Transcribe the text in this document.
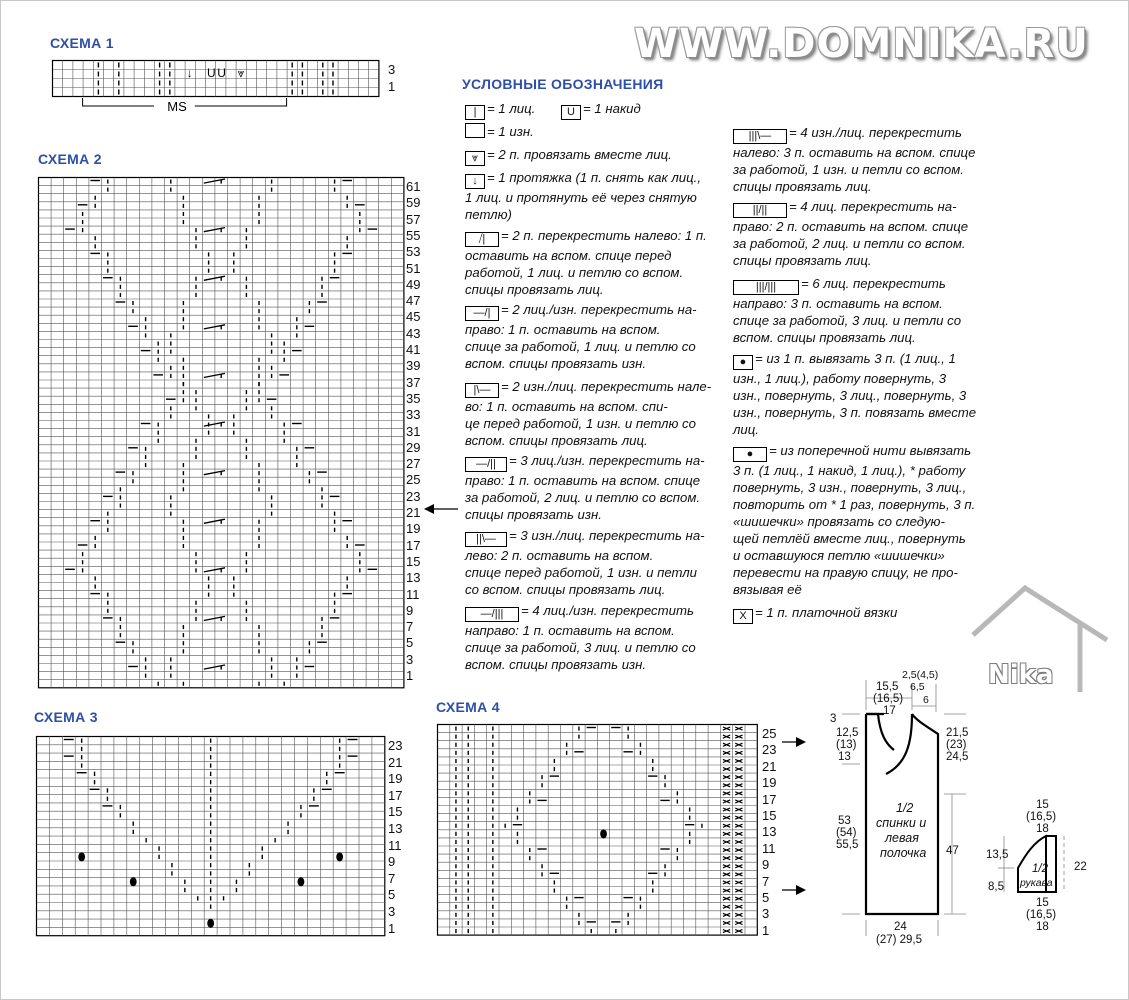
WWW.DOMNIKA.RU
СХЕМА 1
↓ U U ⩔
MS
3
1
СХЕМА 2
61
59
57
55
53
51
49
47
45
43
41
39
37
35
33
31
29
27
25
23
21
19
17
15
13
11
9
7
5
3
1
СХЕМА 3
23
21
19
17
15
13
11
9
7
5
3
1
СХЕМА 4
25
23
21
19
17
15
13
11
9
7
5
3
1
УСЛОВНЫЕ ОБОЗНАЧЕНИЯ
| = 1 лиц.	U = 1 накид
= 1 изн.
⩔ = 2 п. провязать вместе лиц.
↓ = 1 протяжка (1 п. снять как лиц.,
1 лиц. и протянуть её через снятую
петлю)
⧸| = 2 п. перекрестить налево: 1 п.
оставить на вспом. спице перед
работой, 1 лиц. и петлю со вспом.
спицы провязать лиц.
—/| = 2 лиц./изн. перекрестить на-
право: 1 п. оставить на вспом.
спице за работой, 1 лиц. и петлю со
вспом. спицы провязать изн.
|\— = 2 изн./лиц. перекрестить нале-
во: 1 п. оставить на вспом. спи-
це перед работой, 1 изн. и петлю со
вспом. спицы провязать лиц.
—/|| = 3 лиц./изн. перекрестить на-
право: 1 п. оставить на вспом. спице
за работой, 2 лиц. и петлю со вспом.
спицы провязать изн.
||\— = 3 изн./лиц. перекрестить на-
лево: 2 п. оставить на вспом.
спице перед работой, 1 изн. и петли
со вспом. спицы провязать лиц.
—/||| = 4 лиц./изн. перекрестить
направо: 1 п. оставить на вспом.
спице за работой, 3 лиц. и петлю со
вспом. спицы провязать изн.
|||\— = 4 изн./лиц. перекрестить
налево: 3 п. оставить на вспом. спице
за работой, 1 изн. и петли со вспом.
спицы провязать лиц.
||/|| = 4 лиц. перекрестить на-
право: 2 п. оставить на вспом. спице
за работой, 2 лиц. и петли со вспом.
спицы провязать лиц.
|||/||| = 6 лиц. перекрестить
направо: 3 п. оставить на вспом.
спице за работой, 3 лиц. и петли со
вспом. спицы провязать лиц.
● = из 1 п. вывязать 3 п. (1 лиц., 1
изн., 1 лиц.), работу повернуть, 3
изн., повернуть, 3 лиц., повернуть, 3
изн., повернуть, 3 п. повязать вместе
лиц.
● = из поперечной нити вывязать
3 п. (1 лиц., 1 накид, 1 лиц.), * работу
повернуть, 3 изн., повернуть, 3 лиц.,
повторить от * 1 раз, повернуть, 3 п.
«шишечки» провязать со следую-
щей петлёй вместе лиц., повернуть
и оставшуюся петлю «шишечки»
перевести на правую спицу, не про-
вязывая её
X = 1 п. платочной вязки
Nika
15,5
(16,5)
17
2,5(4,5)
6,5
6
3
12,5
(13)
13
53
(54)
55,5
21,5
(23)
24,5
47
1/2
спинки и
левая
полочка
24
(27) 29,5
15
(16,5)
18
13,5
8,5
22
1/2
рукава
15
(16,5)
18
